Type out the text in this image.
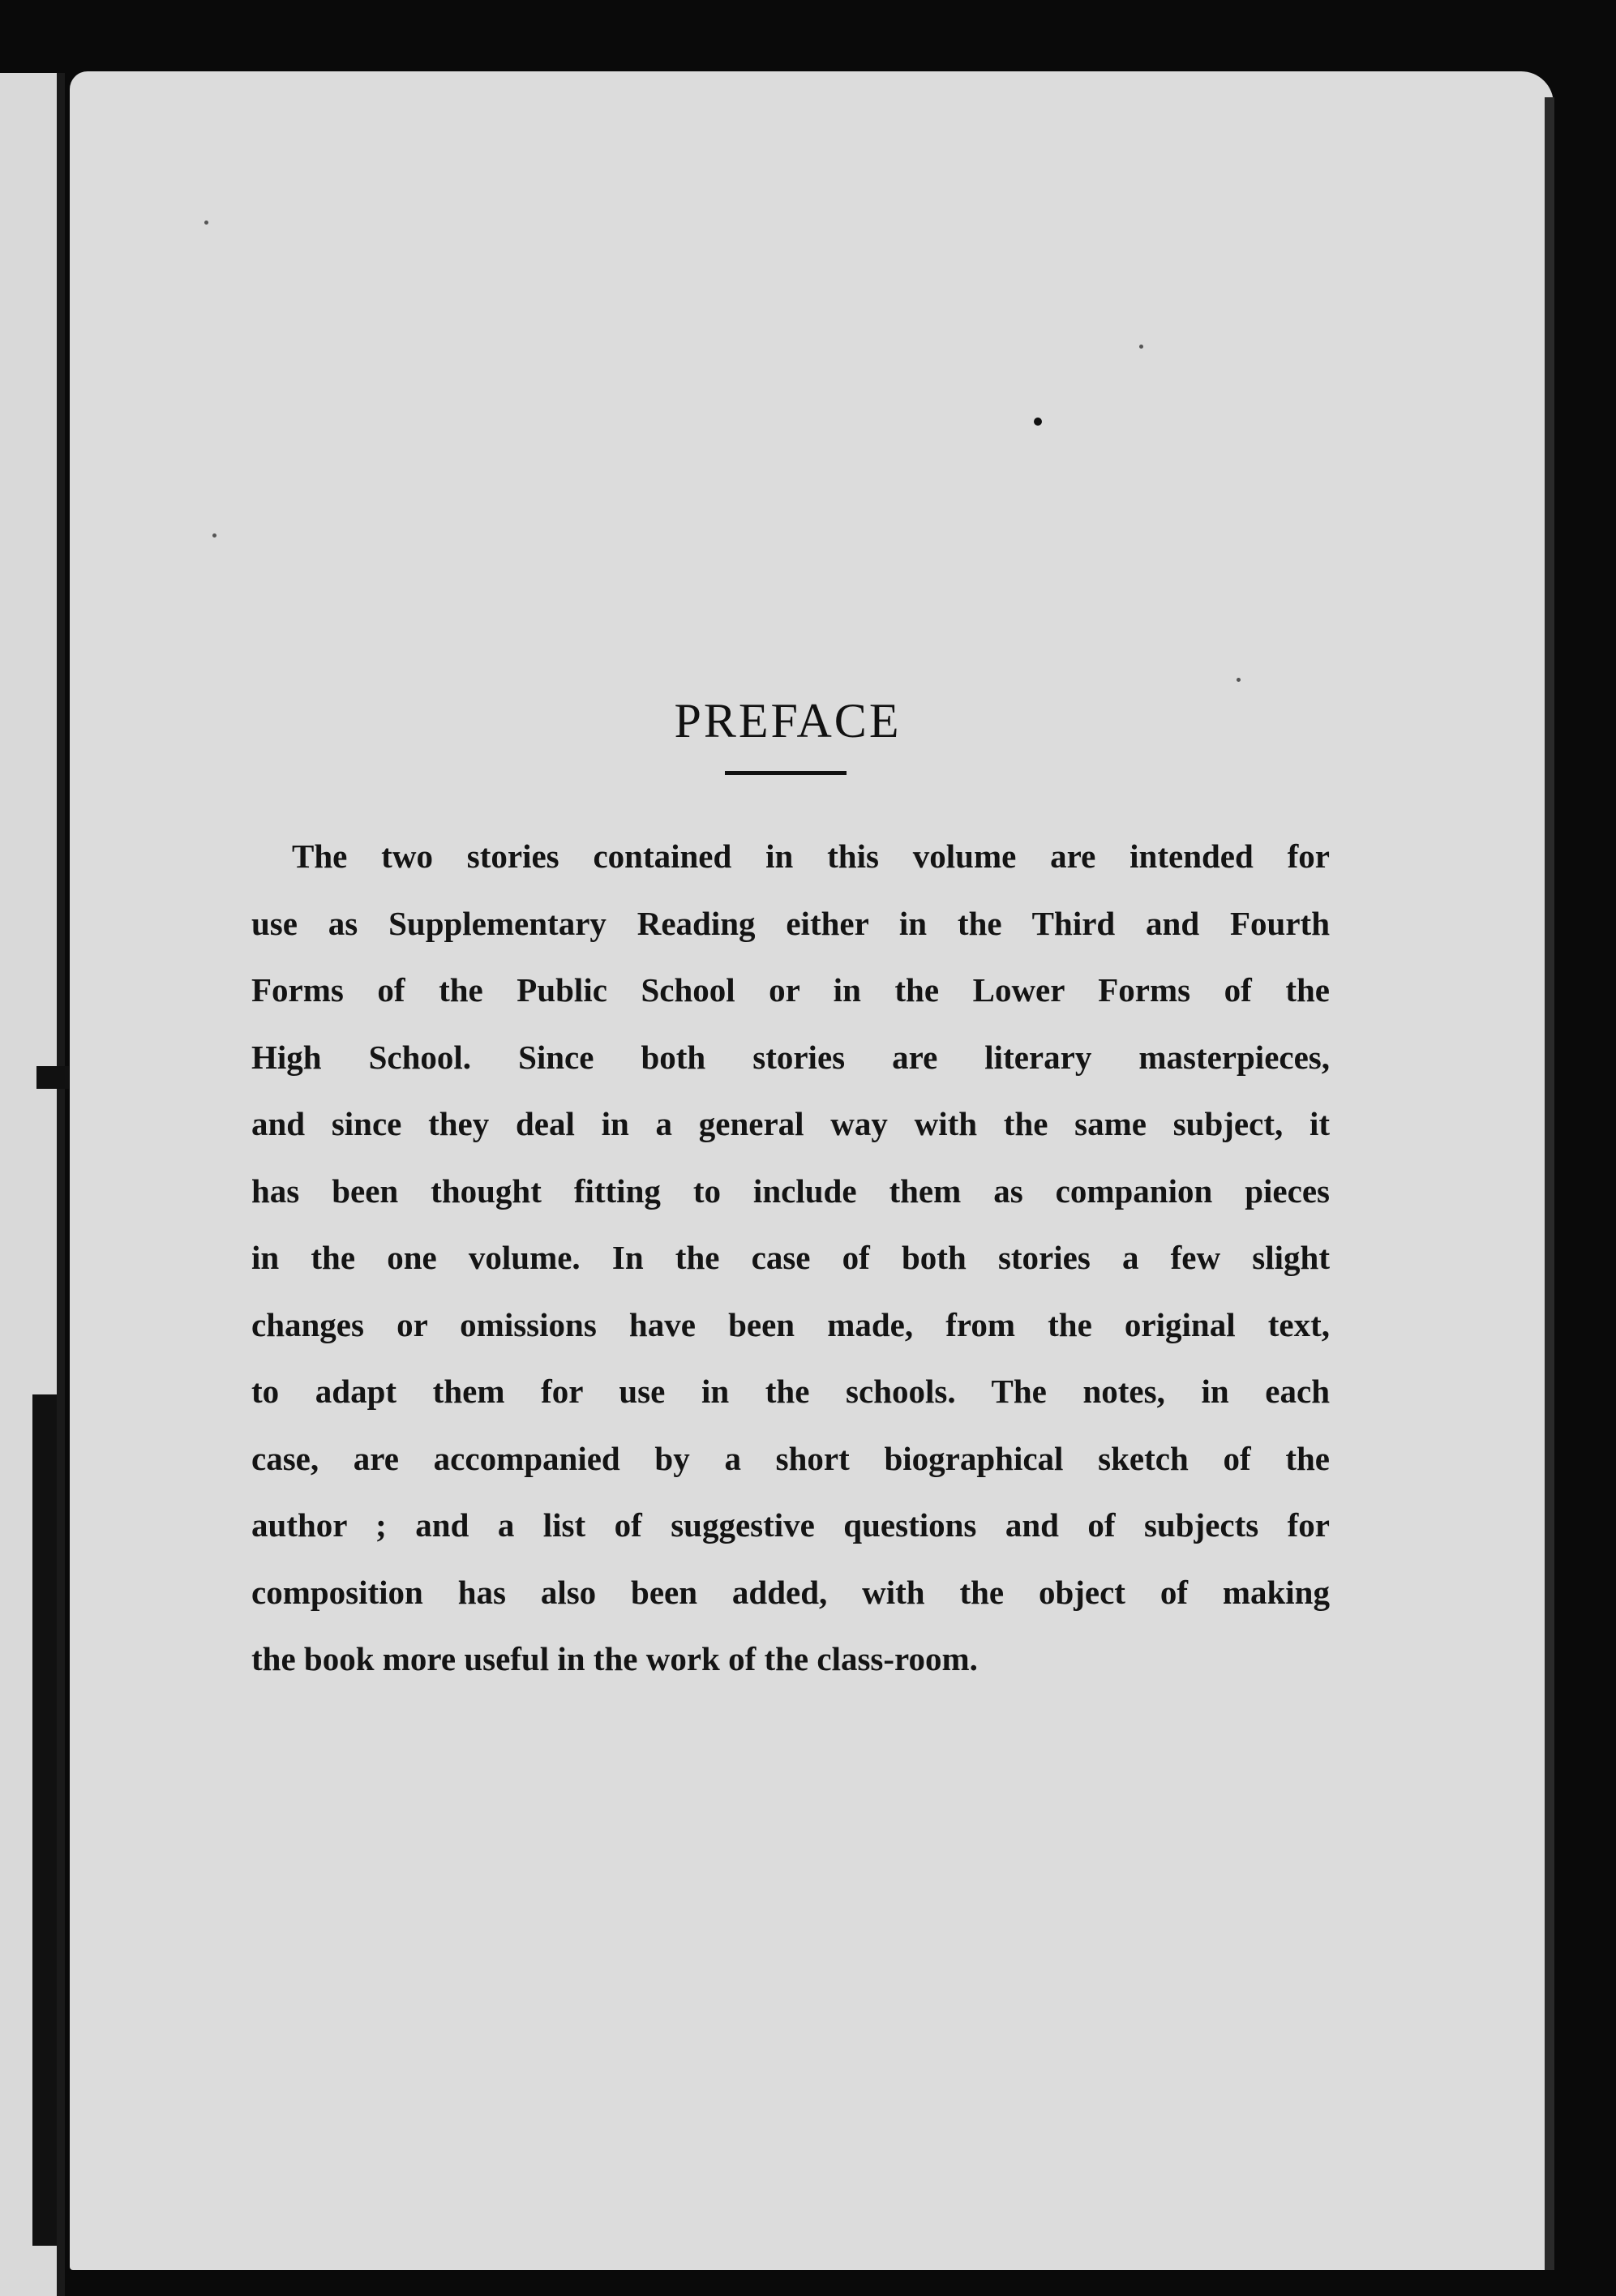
PREFACE
The two stories contained in this volume are intended for
use as Supplementary Reading either in the Third and Fourth
Forms of the Public School or in the Lower Forms of the
High School. Since both stories are literary masterpieces,
and since they deal in a general way with the same subject, it
has been thought fitting to include them as companion pieces
in the one volume. In the case of both stories a few slight
changes or omissions have been made, from the original text,
to adapt them for use in the schools. The notes, in each
case, are accompanied by a short biographical sketch of the
author ; and a list of suggestive questions and of subjects for
composition has also been added, with the object of making
the book more useful in the work of the class-room.
